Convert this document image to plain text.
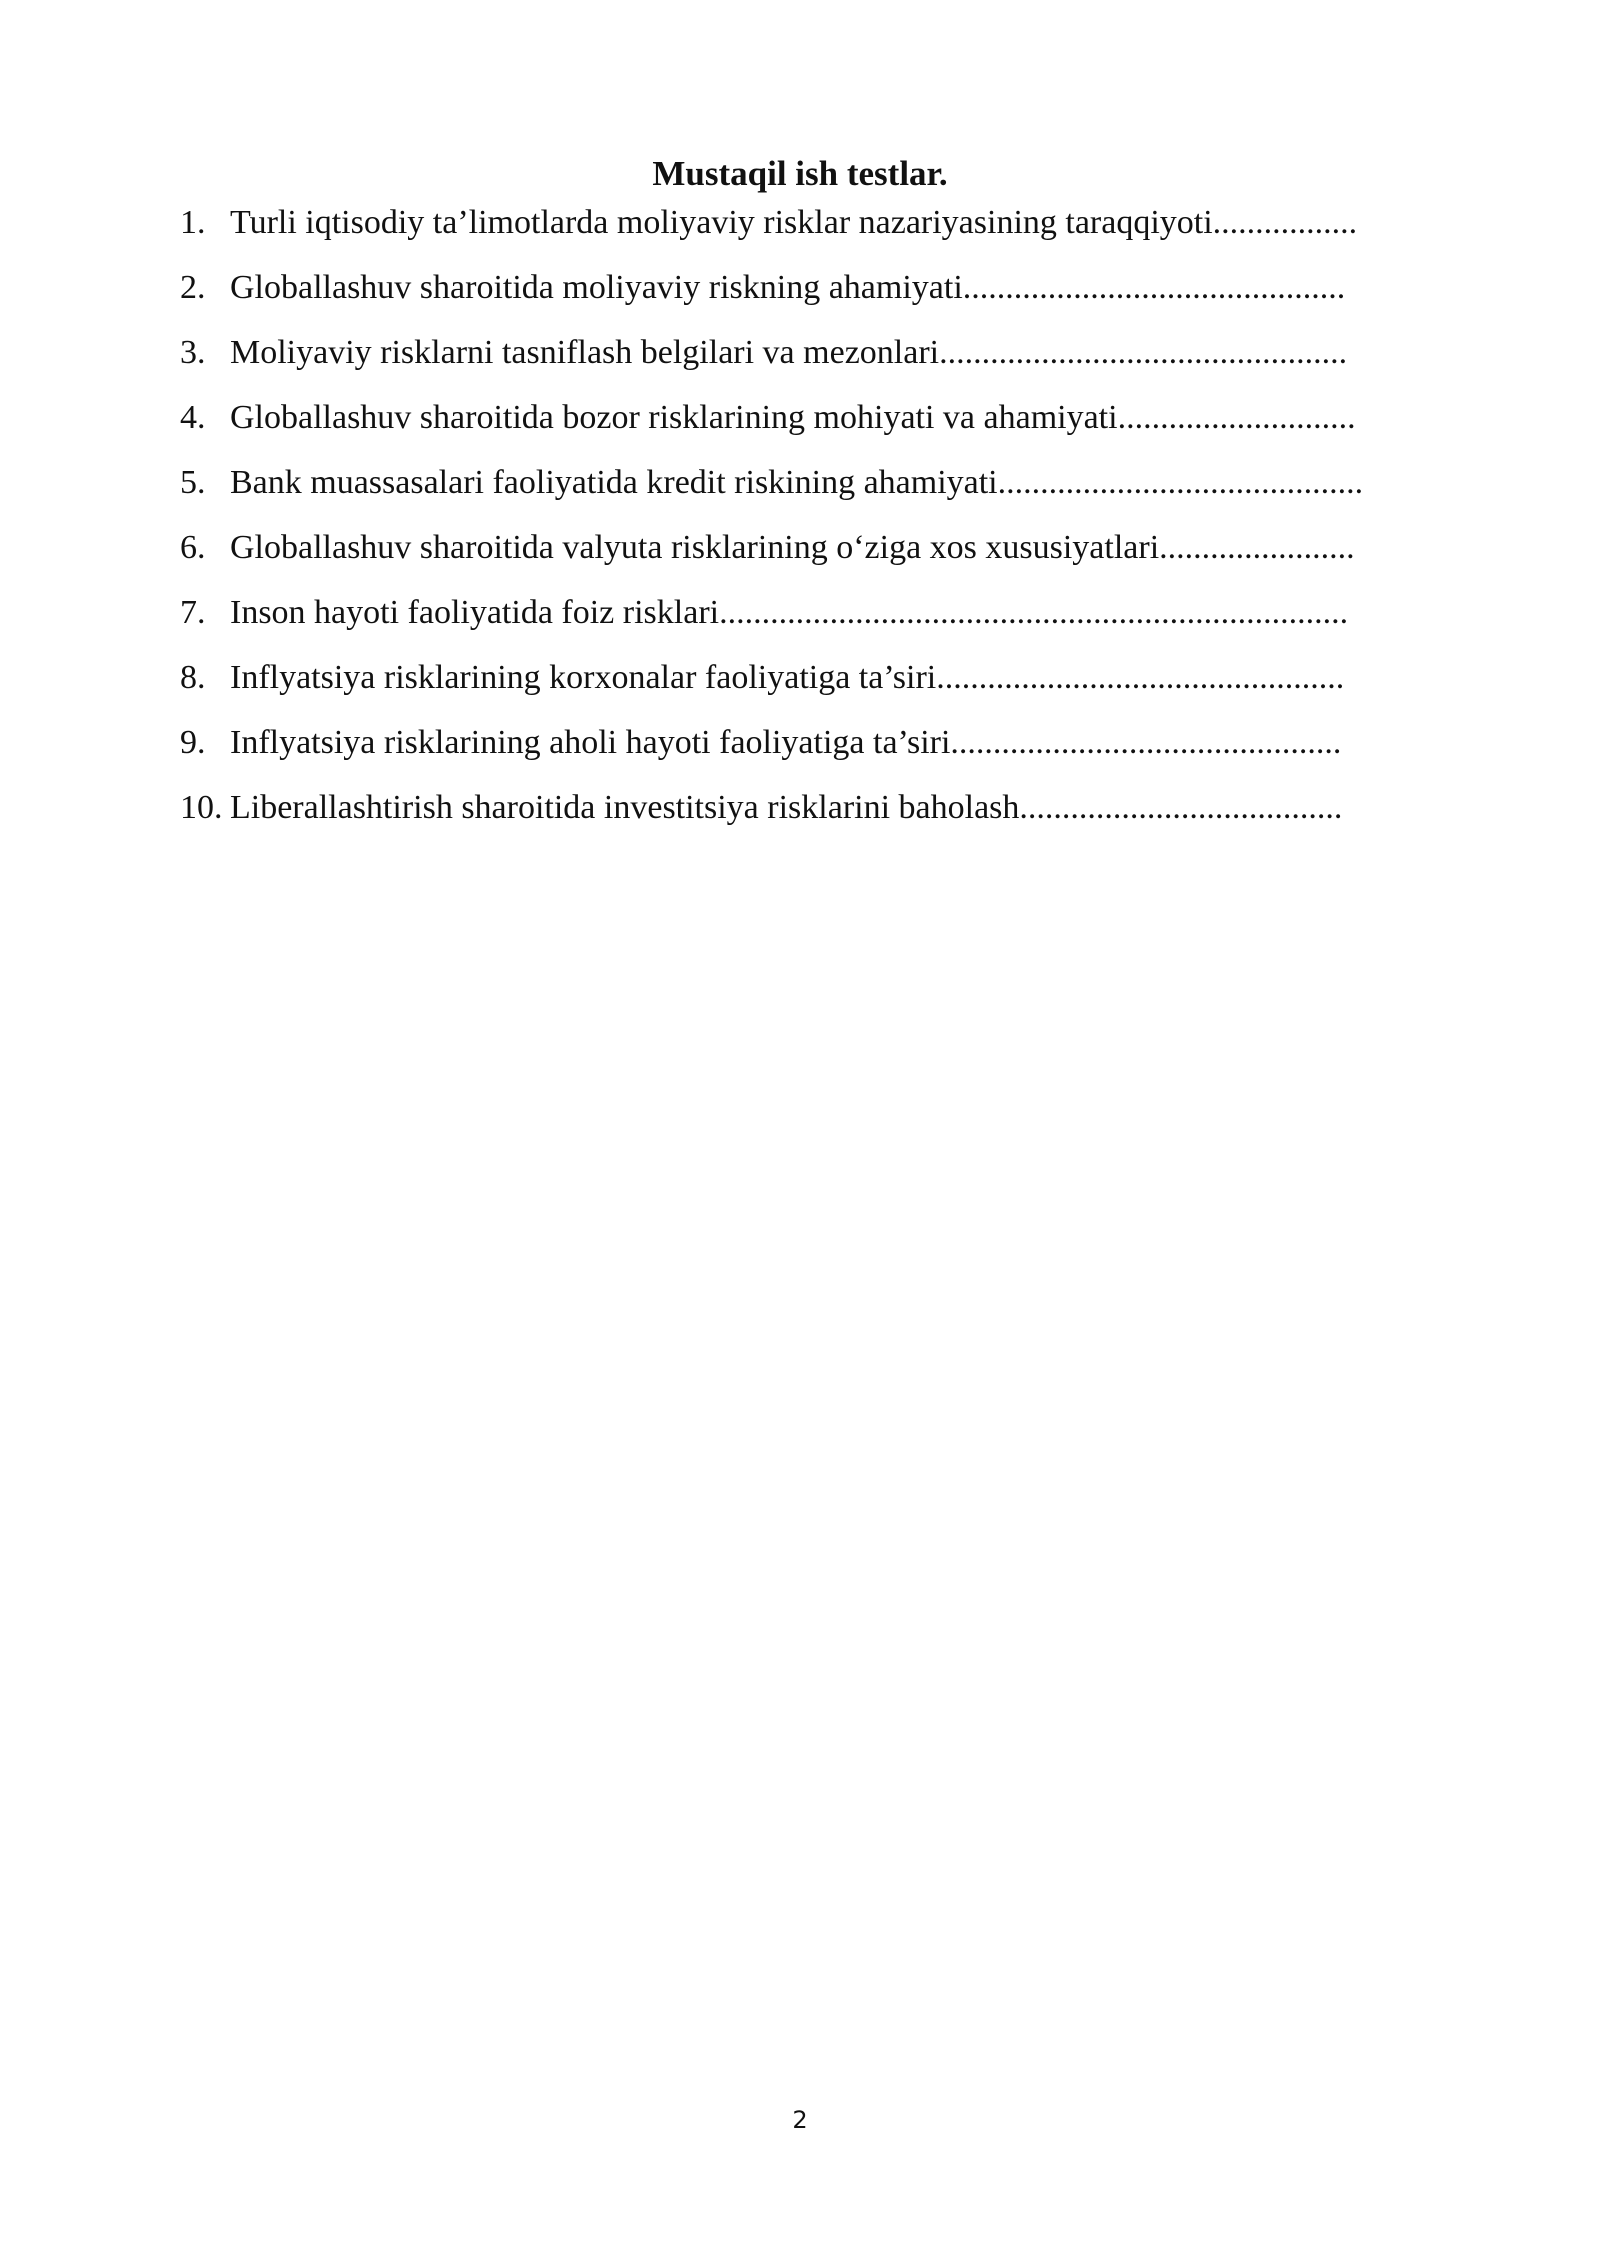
Mustaqil ish testlar.
1. Turli iqtisodiy ta’limotlarda moliyaviy risklar nazariyasining taraqqiyoti.................
2. Globallashuv sharoitida moliyaviy riskning ahamiyati.............................................
3. Moliyaviy risklarni tasniflash belgilari va mezonlari................................................
4. Globallashuv sharoitida bozor risklarining mohiyati va ahamiyati............................
5. Bank muassasalari faoliyatida kredit riskining ahamiyati...........................................
6. Globallashuv sharoitida valyuta risklarining o‘ziga xos xususiyatlari.......................
7. Inson hayoti faoliyatida foiz risklari..........................................................................
8. Inflyatsiya risklarining korxonalar faoliyatiga ta’siri................................................
9. Inflyatsiya risklarining aholi hayoti faoliyatiga ta’siri..............................................
10. Liberallashtirish sharoitida investitsiya risklarini baholash......................................
2
